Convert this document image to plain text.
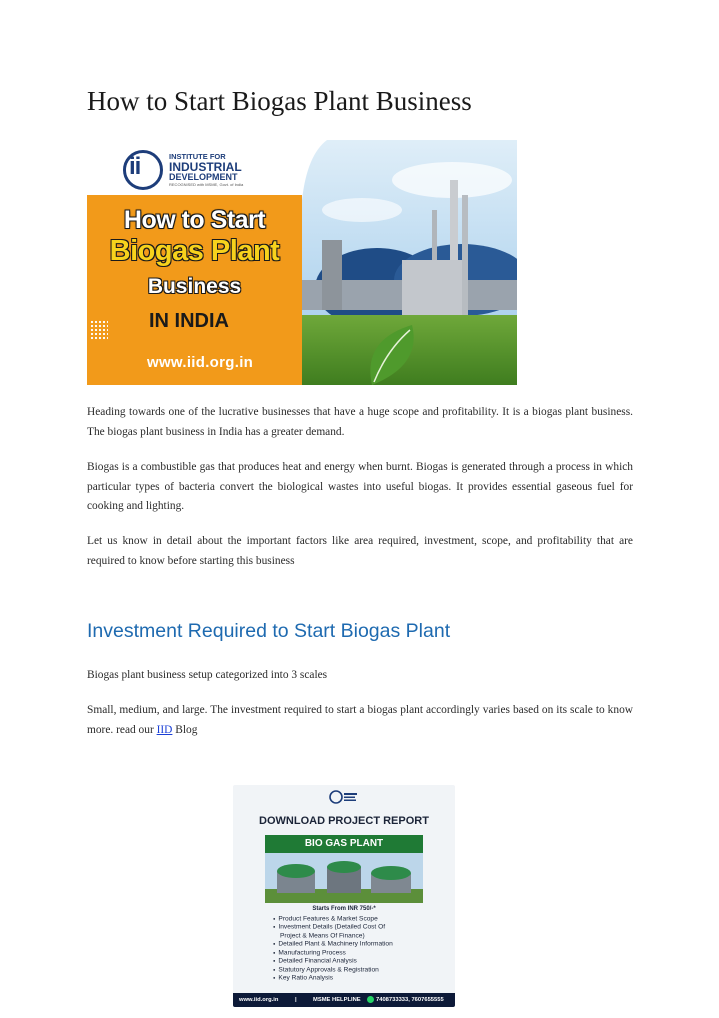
How to Start Biogas Plant Business
ii	INSTITUTE FOR
INDUSTRIAL
DEVELOPMENT
RECOGNISED with MSME, Govt. of India
How to Start
Biogas Plant
Business
IN INDIA
www.iid.org.in

Heading towards one of the lucrative businesses that have a huge scope and profitability. It is a biogas plant business. The biogas plant business in India has a greater demand.

Biogas is a combustible gas that produces heat and energy when burnt. Biogas is generated through a process in which particular types of bacteria convert the biological wastes into useful biogas. It provides essential gaseous fuel for cooking and lighting.

Let us know in detail about the important factors like area required, investment, scope, and profitability that are required to know before starting this business

Investment Required to Start Biogas Plant

Biogas plant business setup categorized into 3 scales

Small, medium, and large. The investment required to start a biogas plant accordingly varies based on its scale to know more. read our IID Blog

DOWNLOAD PROJECT REPORT
BIO GAS PLANT
Starts From INR 750/-*
● Product Features & Market Scope
● Investment Details (Detailed Cost Of
Project & Means Of Finance)
● Detailed Plant & Machinery Information
● Manufacturing Process
● Detailed Financial Analysis
● Statutory Approvals & Registration
● Key Ratio Analysis
www.iid.org.in	|	MSME HELPLINE	7408733333, 7607655555
